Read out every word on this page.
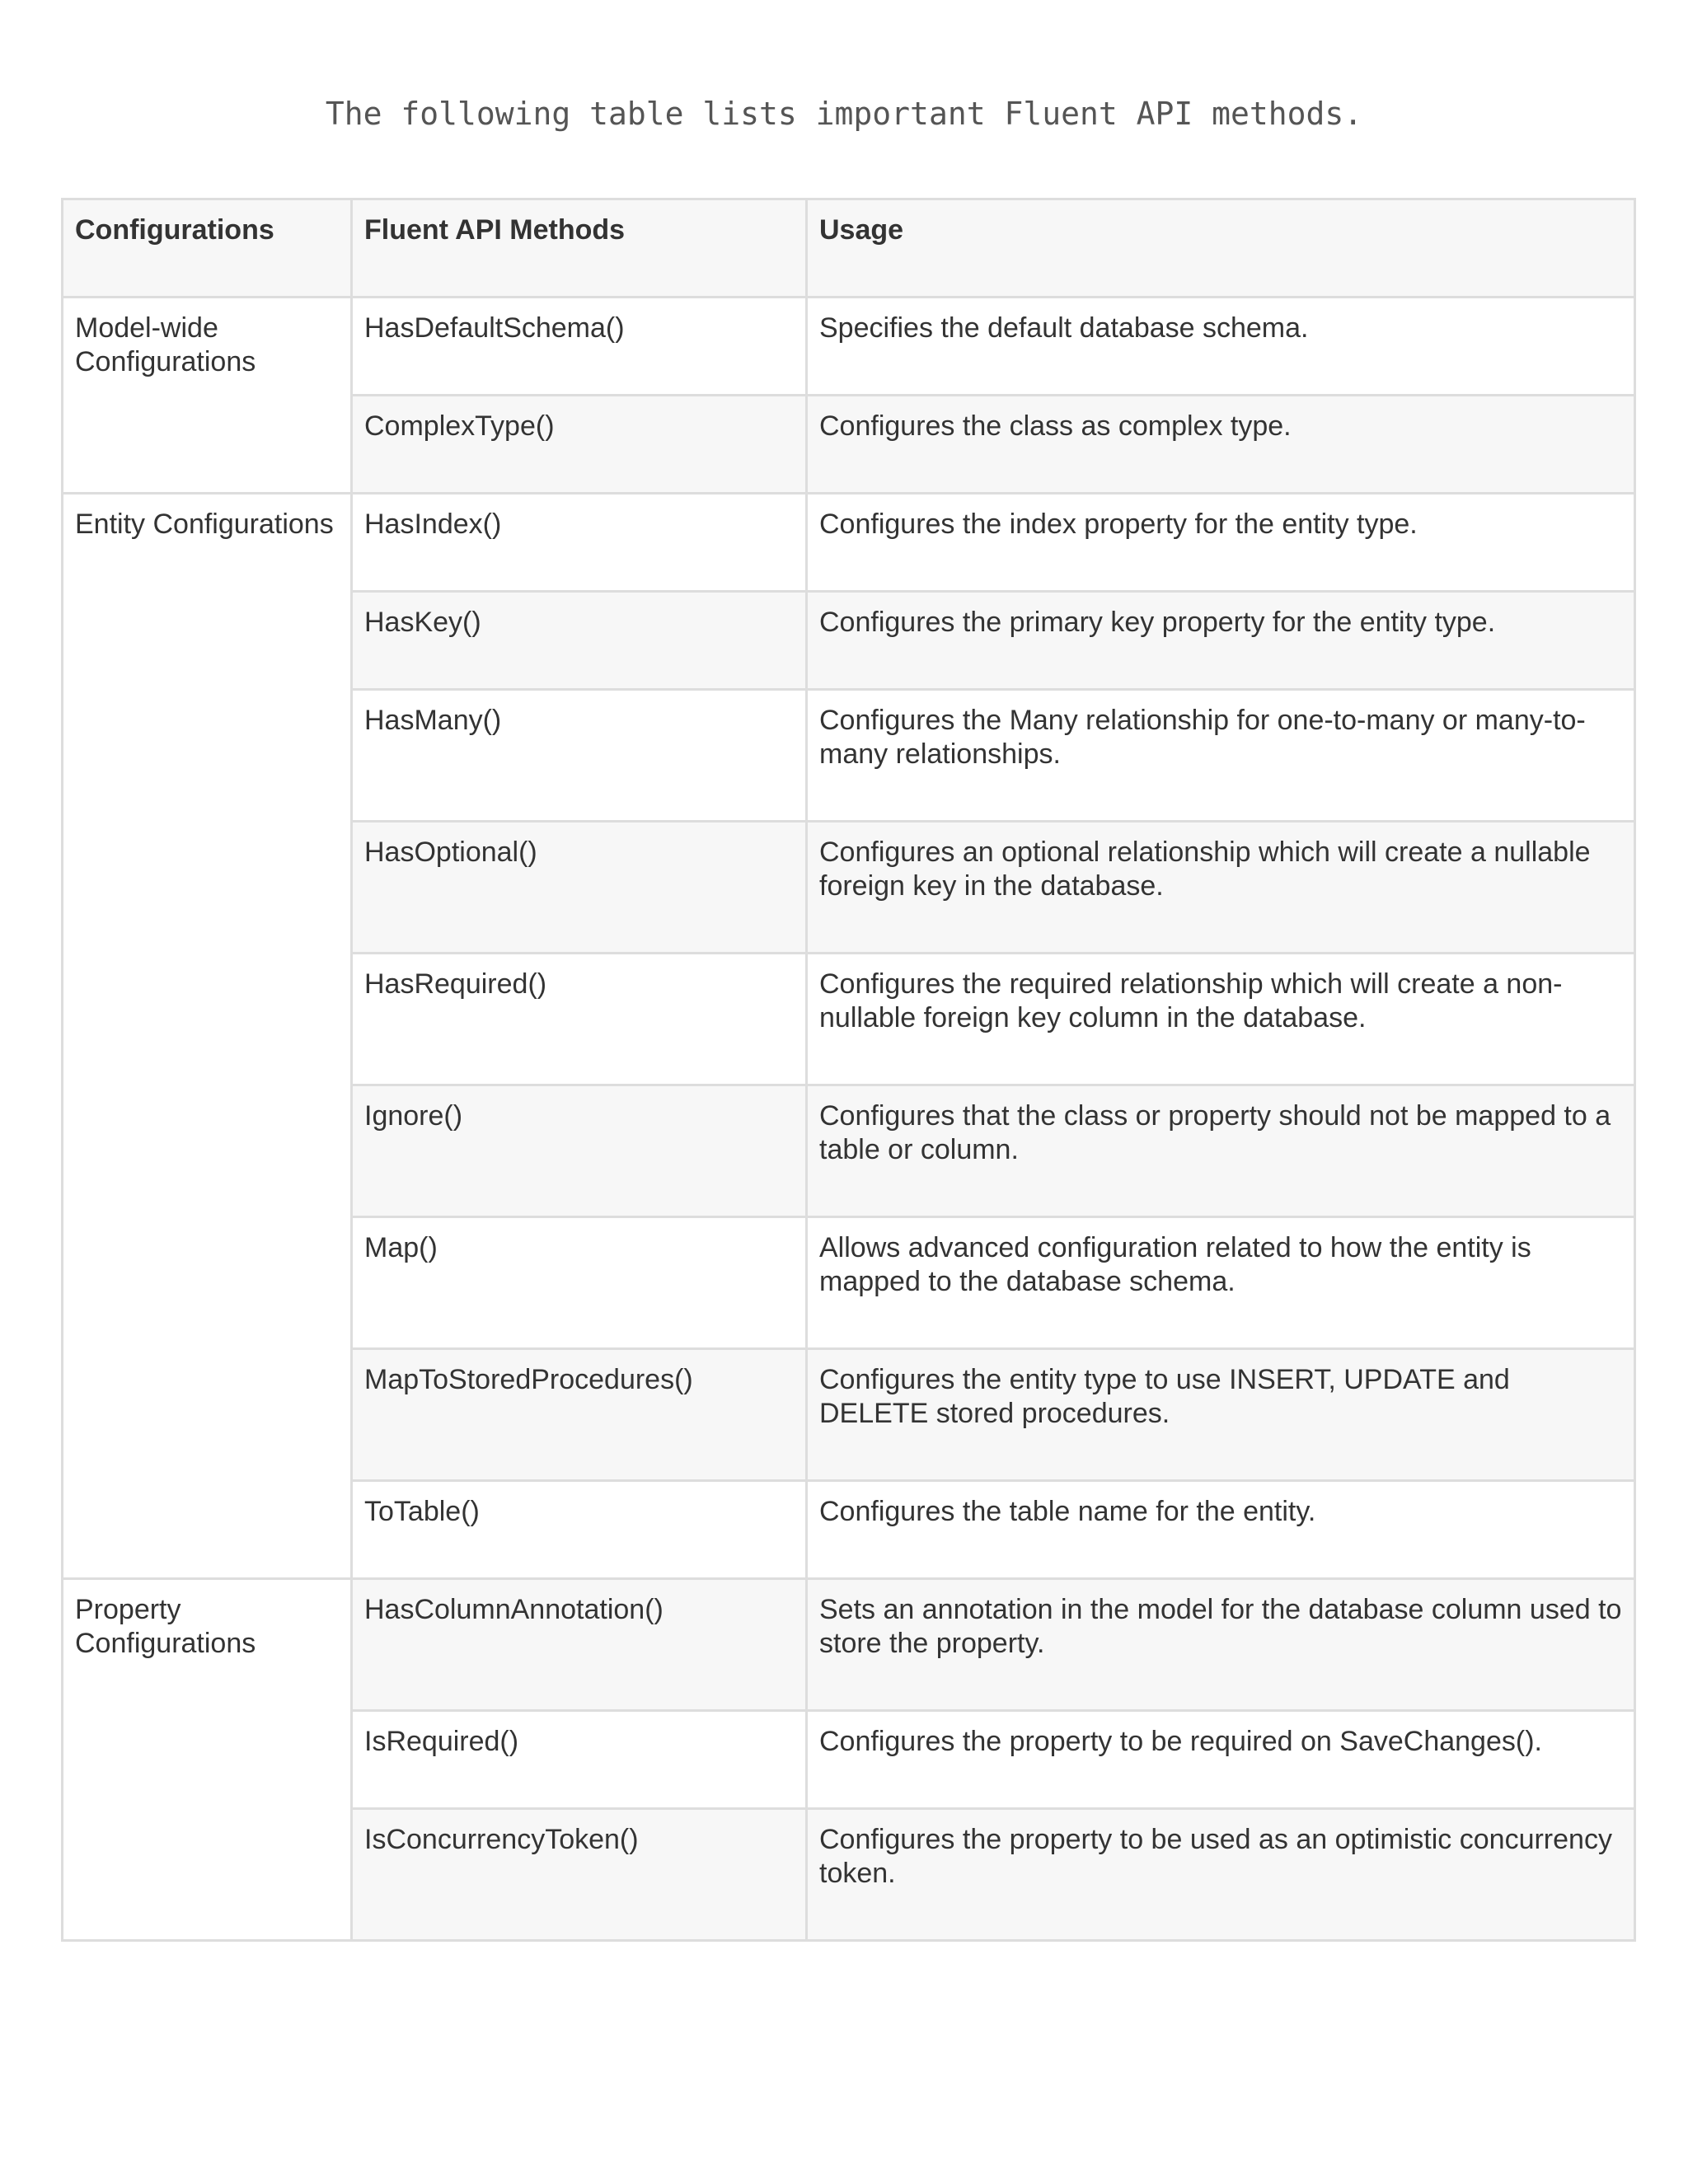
The following table lists important Fluent API methods.

Configurations	Fluent API Methods	Usage
Model-wide Configurations	HasDefaultSchema()	Specifies the default database schema.
	ComplexType()	Configures the class as complex type.
Entity Configurations	HasIndex()	Configures the index property for the entity type.
	HasKey()	Configures the primary key property for the entity type.
	HasMany()	Configures the Many relationship for one-to-many or many-to-many relationships.
	HasOptional()	Configures an optional relationship which will create a nullable foreign key in the database.
	HasRequired()	Configures the required relationship which will create a non-nullable foreign key column in the database.
	Ignore()	Configures that the class or property should not be mapped to a table or column.
	Map()	Allows advanced configuration related to how the entity is mapped to the database schema.
	MapToStoredProcedures()	Configures the entity type to use INSERT, UPDATE and DELETE stored procedures.
	ToTable()	Configures the table name for the entity.
Property Configurations	HasColumnAnnotation()	Sets an annotation in the model for the database column used to store the property.
	IsRequired()	Configures the property to be required on SaveChanges().
	IsConcurrencyToken()	Configures the property to be used as an optimistic concurrency token.
